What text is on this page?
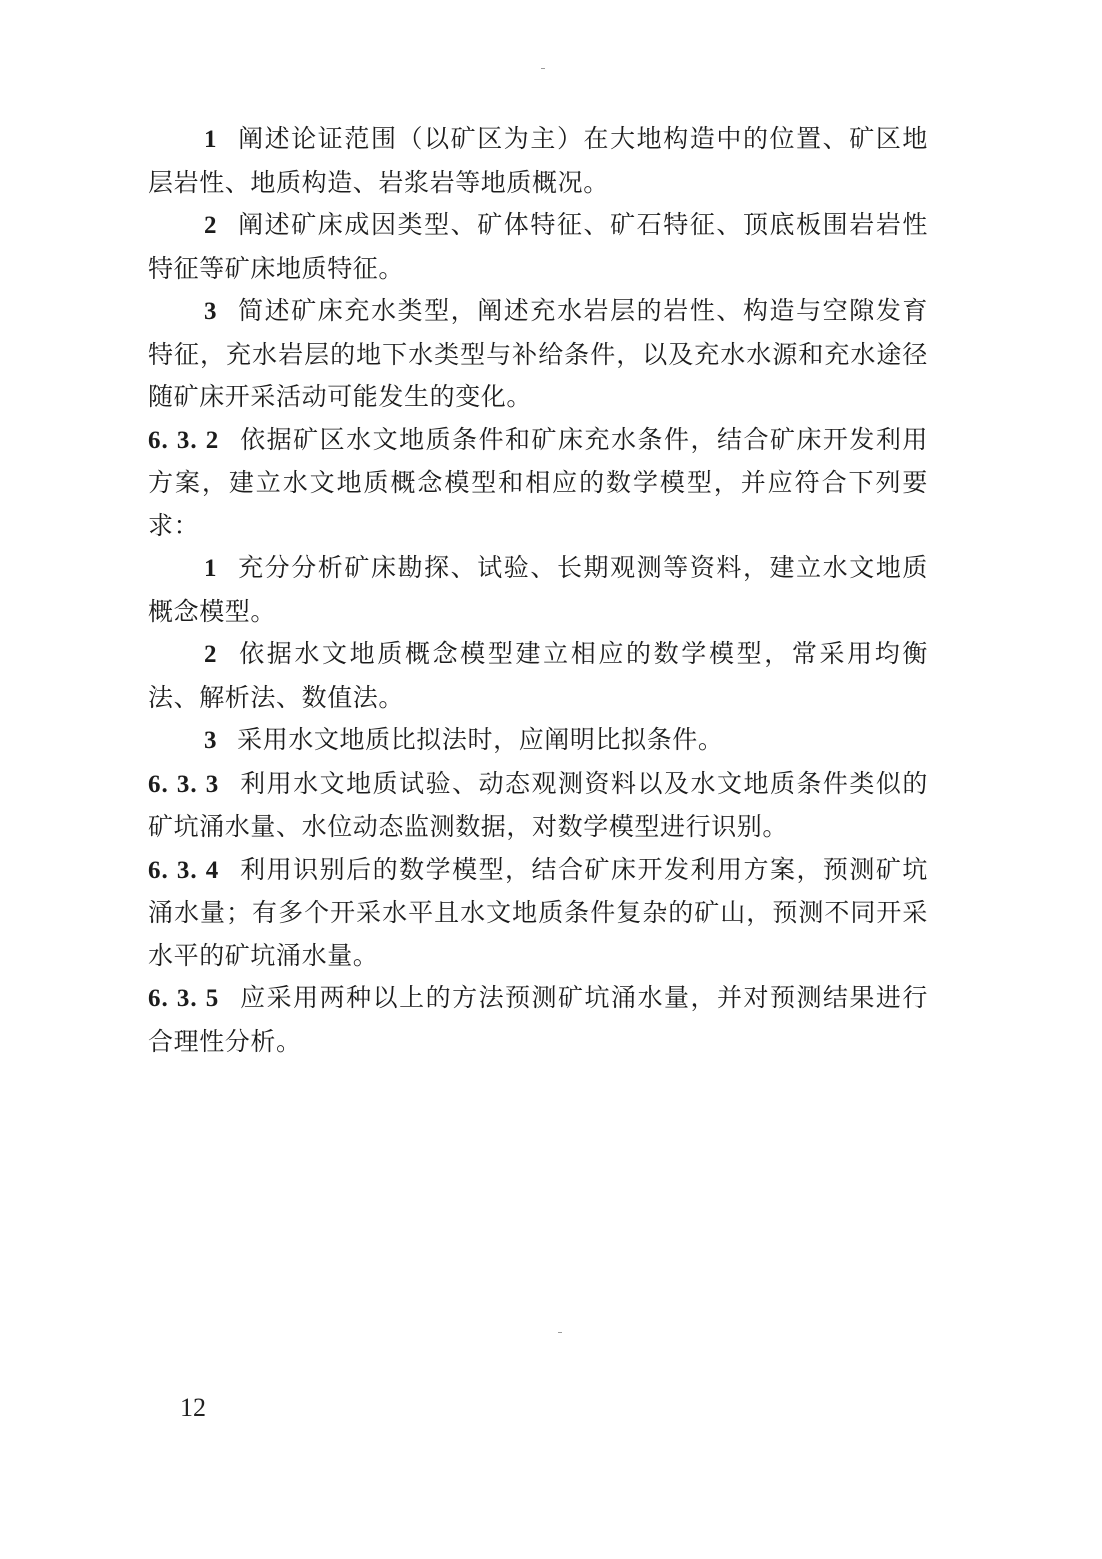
1 阐述论证范围（以矿区为主）在大地构造中的位置、矿区地层岩性、地质构造、岩浆岩等地质概况。

2 阐述矿床成因类型、矿体特征、矿石特征、顶底板围岩岩性特征等矿床地质特征。

3 简述矿床充水类型，阐述充水岩层的岩性、构造与空隙发育特征，充水岩层的地下水类型与补给条件，以及充水水源和充水途径随矿床开采活动可能发生的变化。

6. 3. 2 依据矿区水文地质条件和矿床充水条件，结合矿床开发利用方案，建立水文地质概念模型和相应的数学模型，并应符合下列要求：

1 充分分析矿床勘探、试验、长期观测等资料，建立水文地质概念模型。

2 依据水文地质概念模型建立相应的数学模型，常采用均衡法、解析法、数值法。

3 采用水文地质比拟法时，应阐明比拟条件。

6. 3. 3 利用水文地质试验、动态观测资料以及水文地质条件类似的矿坑涌水量、水位动态监测数据，对数学模型进行识别。

6. 3. 4 利用识别后的数学模型，结合矿床开发利用方案，预测矿坑涌水量；有多个开采水平且水文地质条件复杂的矿山，预测不同开采水平的矿坑涌水量。

6. 3. 5 应采用两种以上的方法预测矿坑涌水量，并对预测结果进行合理性分析。

12
